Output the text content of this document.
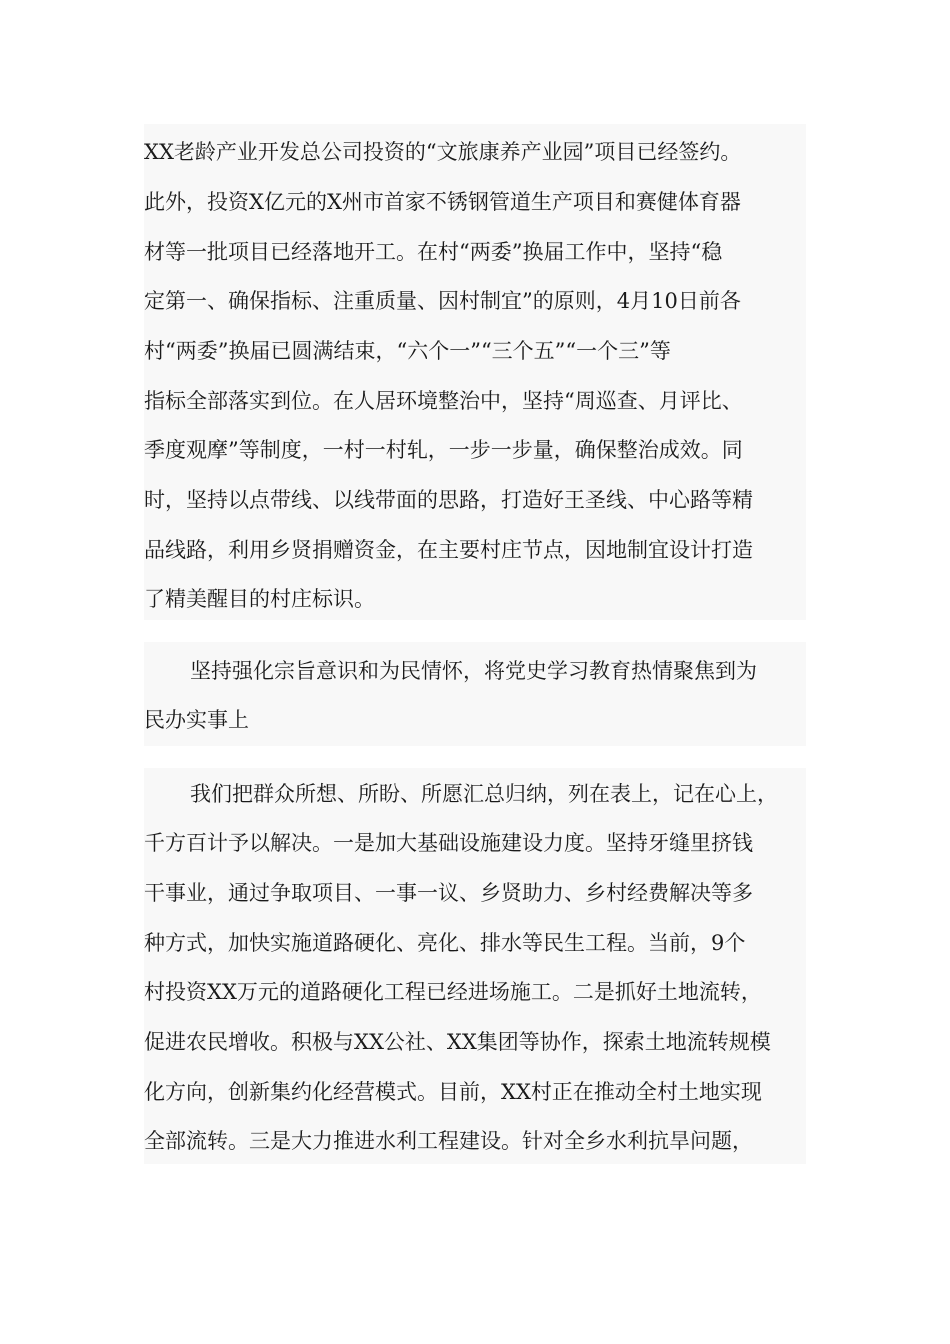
XX老龄产业开发总公司投资的“文旅康养产业园”项目已经签约。
此外，投资X亿元的X州市首家不锈钢管道生产项目和赛健体育器
材等一批项目已经落地开工。在村“两委”换届工作中，坚持“稳
定第一、确保指标、注重质量、因村制宜”的原则，4月10日前各
村“两委”换届已圆满结束，“六个一”“三个五”“一个三”等
指标全部落实到位。在人居环境整治中，坚持“周巡查、月评比、
季度观摩”等制度，一村一村轧，一步一步量，确保整治成效。同
时，坚持以点带线、以线带面的思路，打造好王圣线、中心路等精
品线路，利用乡贤捐赠资金，在主要村庄节点，因地制宜设计打造
了精美醒目的村庄标识。
坚持强化宗旨意识和为民情怀，将党史学习教育热情聚焦到为
民办实事上
我们把群众所想、所盼、所愿汇总归纳，列在表上，记在心上，
千方百计予以解决。一是加大基础设施建设力度。坚持牙缝里挤钱
干事业，通过争取项目、一事一议、乡贤助力、乡村经费解决等多
种方式，加快实施道路硬化、亮化、排水等民生工程。当前，9个
村投资XX万元的道路硬化工程已经进场施工。二是抓好土地流转，
促进农民增收。积极与XX公社、XX集团等协作，探索土地流转规模
化方向，创新集约化经营模式。目前，XX村正在推动全村土地实现
全部流转。三是大力推进水利工程建设。针对全乡水利抗旱问题，
